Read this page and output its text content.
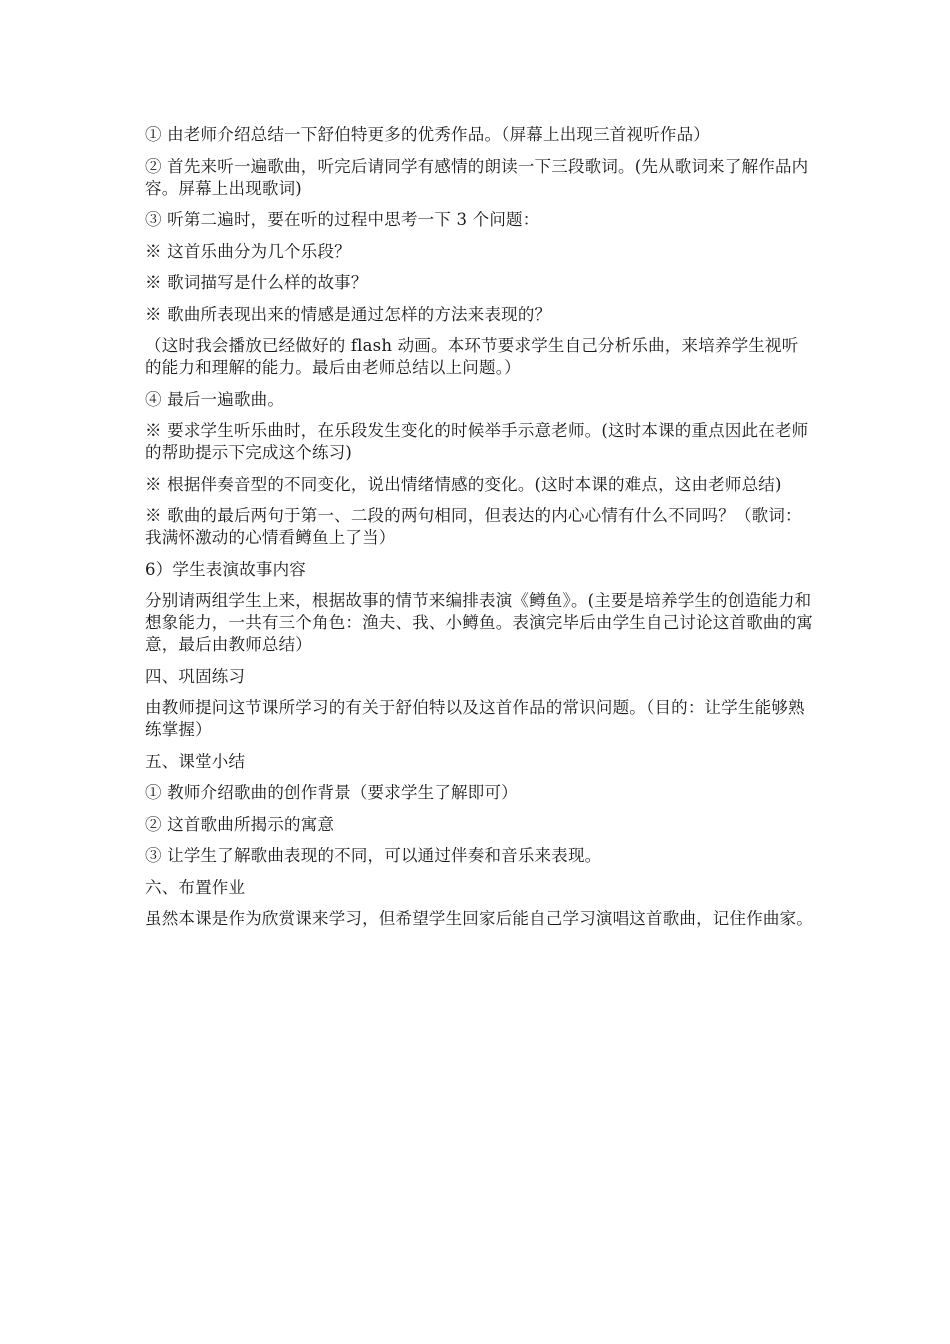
① 由老师介绍总结一下舒伯特更多的优秀作品。（屏幕上出现三首视听作品）

② 首先来听一遍歌曲，听完后请同学有感情的朗读一下三段歌词。(先从歌词来了解作品内容。屏幕上出现歌词)

③ 听第二遍时，要在听的过程中思考一下 3 个问题：

※ 这首乐曲分为几个乐段？

※ 歌词描写是什么样的故事？

※ 歌曲所表现出来的情感是通过怎样的方法来表现的？

（这时我会播放已经做好的 flash 动画。本环节要求学生自己分析乐曲，来培养学生视听的能力和理解的能力。最后由老师总结以上问题。）

④ 最后一遍歌曲。

※ 要求学生听乐曲时，在乐段发生变化的时候举手示意老师。(这时本课的重点因此在老师的帮助提示下完成这个练习)

※ 根据伴奏音型的不同变化，说出情绪情感的变化。(这时本课的难点，这由老师总结)

※ 歌曲的最后两句于第一、二段的两句相同，但表达的内心心情有什么不同吗？（歌词：我满怀激动的心情看鳟鱼上了当）

6）学生表演故事内容

分别请两组学生上来，根据故事的情节来编排表演《鳟鱼》。(主要是培养学生的创造能力和想象能力，一共有三个角色：渔夫、我、小鳟鱼。表演完毕后由学生自己讨论这首歌曲的寓意，最后由教师总结）

四、巩固练习

由教师提问这节课所学习的有关于舒伯特以及这首作品的常识问题。（目的：让学生能够熟练掌握）

五、课堂小结

① 教师介绍歌曲的创作背景（要求学生了解即可）

② 这首歌曲所揭示的寓意

③ 让学生了解歌曲表现的不同，可以通过伴奏和音乐来表现。

六、布置作业

虽然本课是作为欣赏课来学习，但希望学生回家后能自己学习演唱这首歌曲，记住作曲家。
